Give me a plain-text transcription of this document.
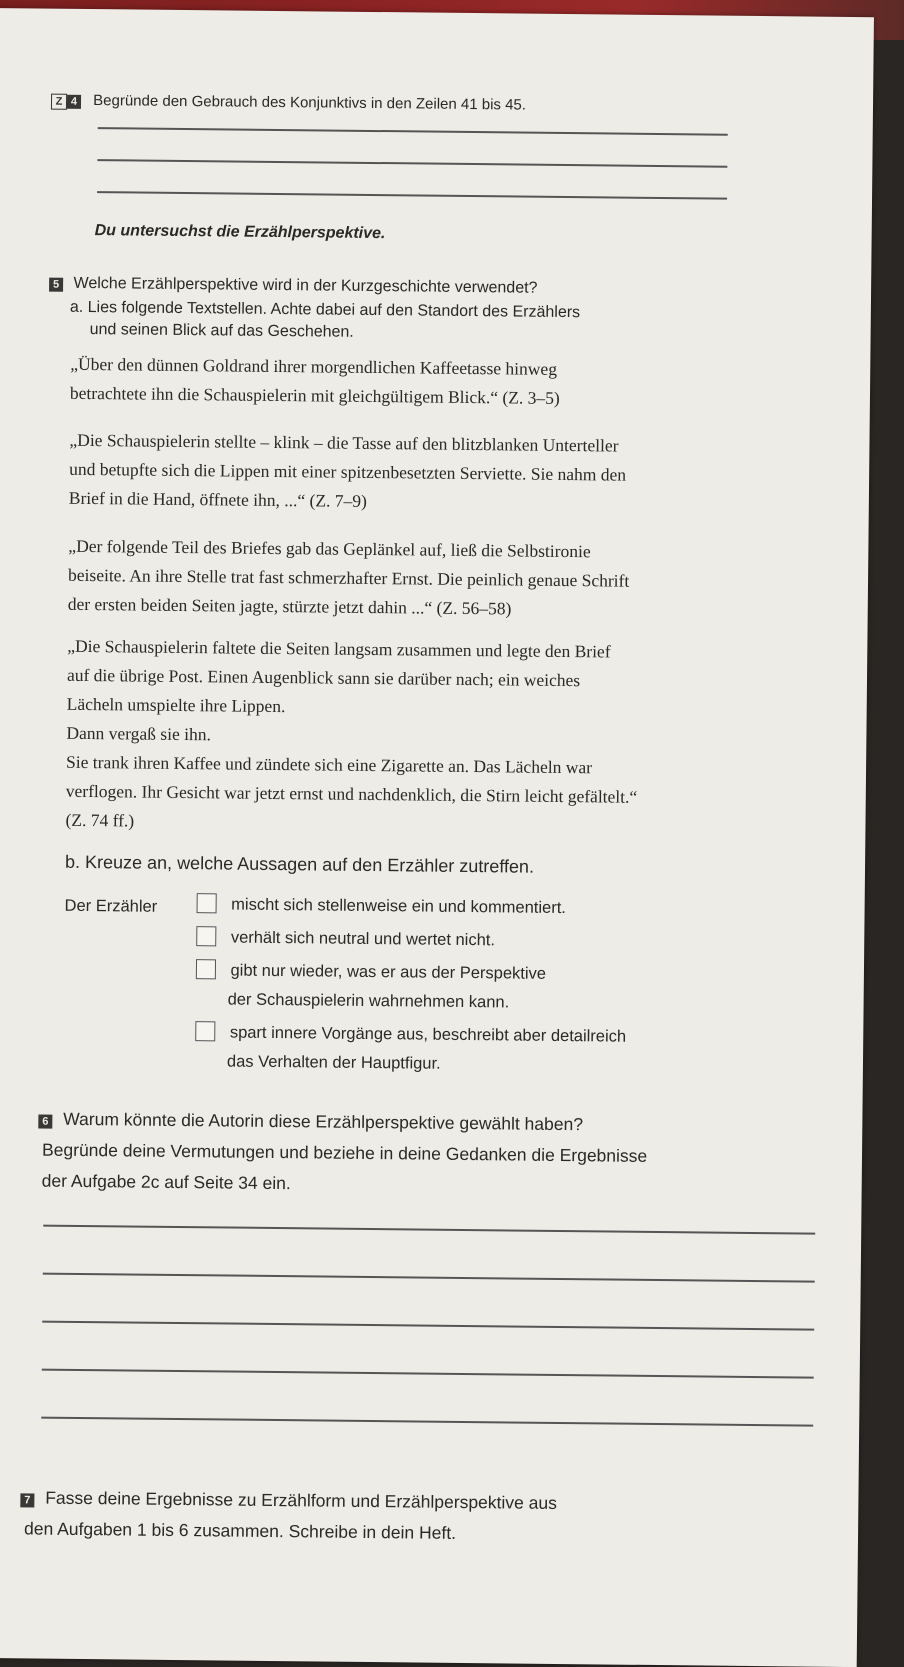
Z 4 Begründe den Gebrauch des Konjunktivs in den Zeilen 41 bis 45.
Du untersuchst die Erzählperspektive.
5 Welche Erzählperspektive wird in der Kurzgeschichte verwendet?
a. Lies folgende Textstellen. Achte dabei auf den Standort des Erzählers
und seinen Blick auf das Geschehen.
„Über den dünnen Goldrand ihrer morgendlichen Kaffeetasse hinweg
betrachtete ihn die Schauspielerin mit gleichgültigem Blick.“ (Z. 3–5)
„Die Schauspielerin stellte – klink – die Tasse auf den blitzblanken Unterteller
und betupfte sich die Lippen mit einer spitzenbesetzten Serviette. Sie nahm den
Brief in die Hand, öffnete ihn, ...“ (Z. 7–9)
„Der folgende Teil des Briefes gab das Geplänkel auf, ließ die Selbstironie
beiseite. An ihre Stelle trat fast schmerzhafter Ernst. Die peinlich genaue Schrift
der ersten beiden Seiten jagte, stürzte jetzt dahin ...“ (Z. 56–58)
„Die Schauspielerin faltete die Seiten langsam zusammen und legte den Brief
auf die übrige Post. Einen Augenblick sann sie darüber nach; ein weiches
Lächeln umspielte ihre Lippen.
Dann vergaß sie ihn.
Sie trank ihren Kaffee und zündete sich eine Zigarette an. Das Lächeln war
verflogen. Ihr Gesicht war jetzt ernst und nachdenklich, die Stirn leicht gefältelt.“
(Z. 74 ff.)
b. Kreuze an, welche Aussagen auf den Erzähler zutreffen.
Der Erzähler	mischt sich stellenweise ein und kommentiert.
verhält sich neutral und wertet nicht.
gibt nur wieder, was er aus der Perspektive
der Schauspielerin wahrnehmen kann.
spart innere Vorgänge aus, beschreibt aber detailreich
das Verhalten der Hauptfigur.
6 Warum könnte die Autorin diese Erzählperspektive gewählt haben?
Begründe deine Vermutungen und beziehe in deine Gedanken die Ergebnisse
der Aufgabe 2c auf Seite 34 ein.
7 Fasse deine Ergebnisse zu Erzählform und Erzählperspektive aus
den Aufgaben 1 bis 6 zusammen. Schreibe in dein Heft.
